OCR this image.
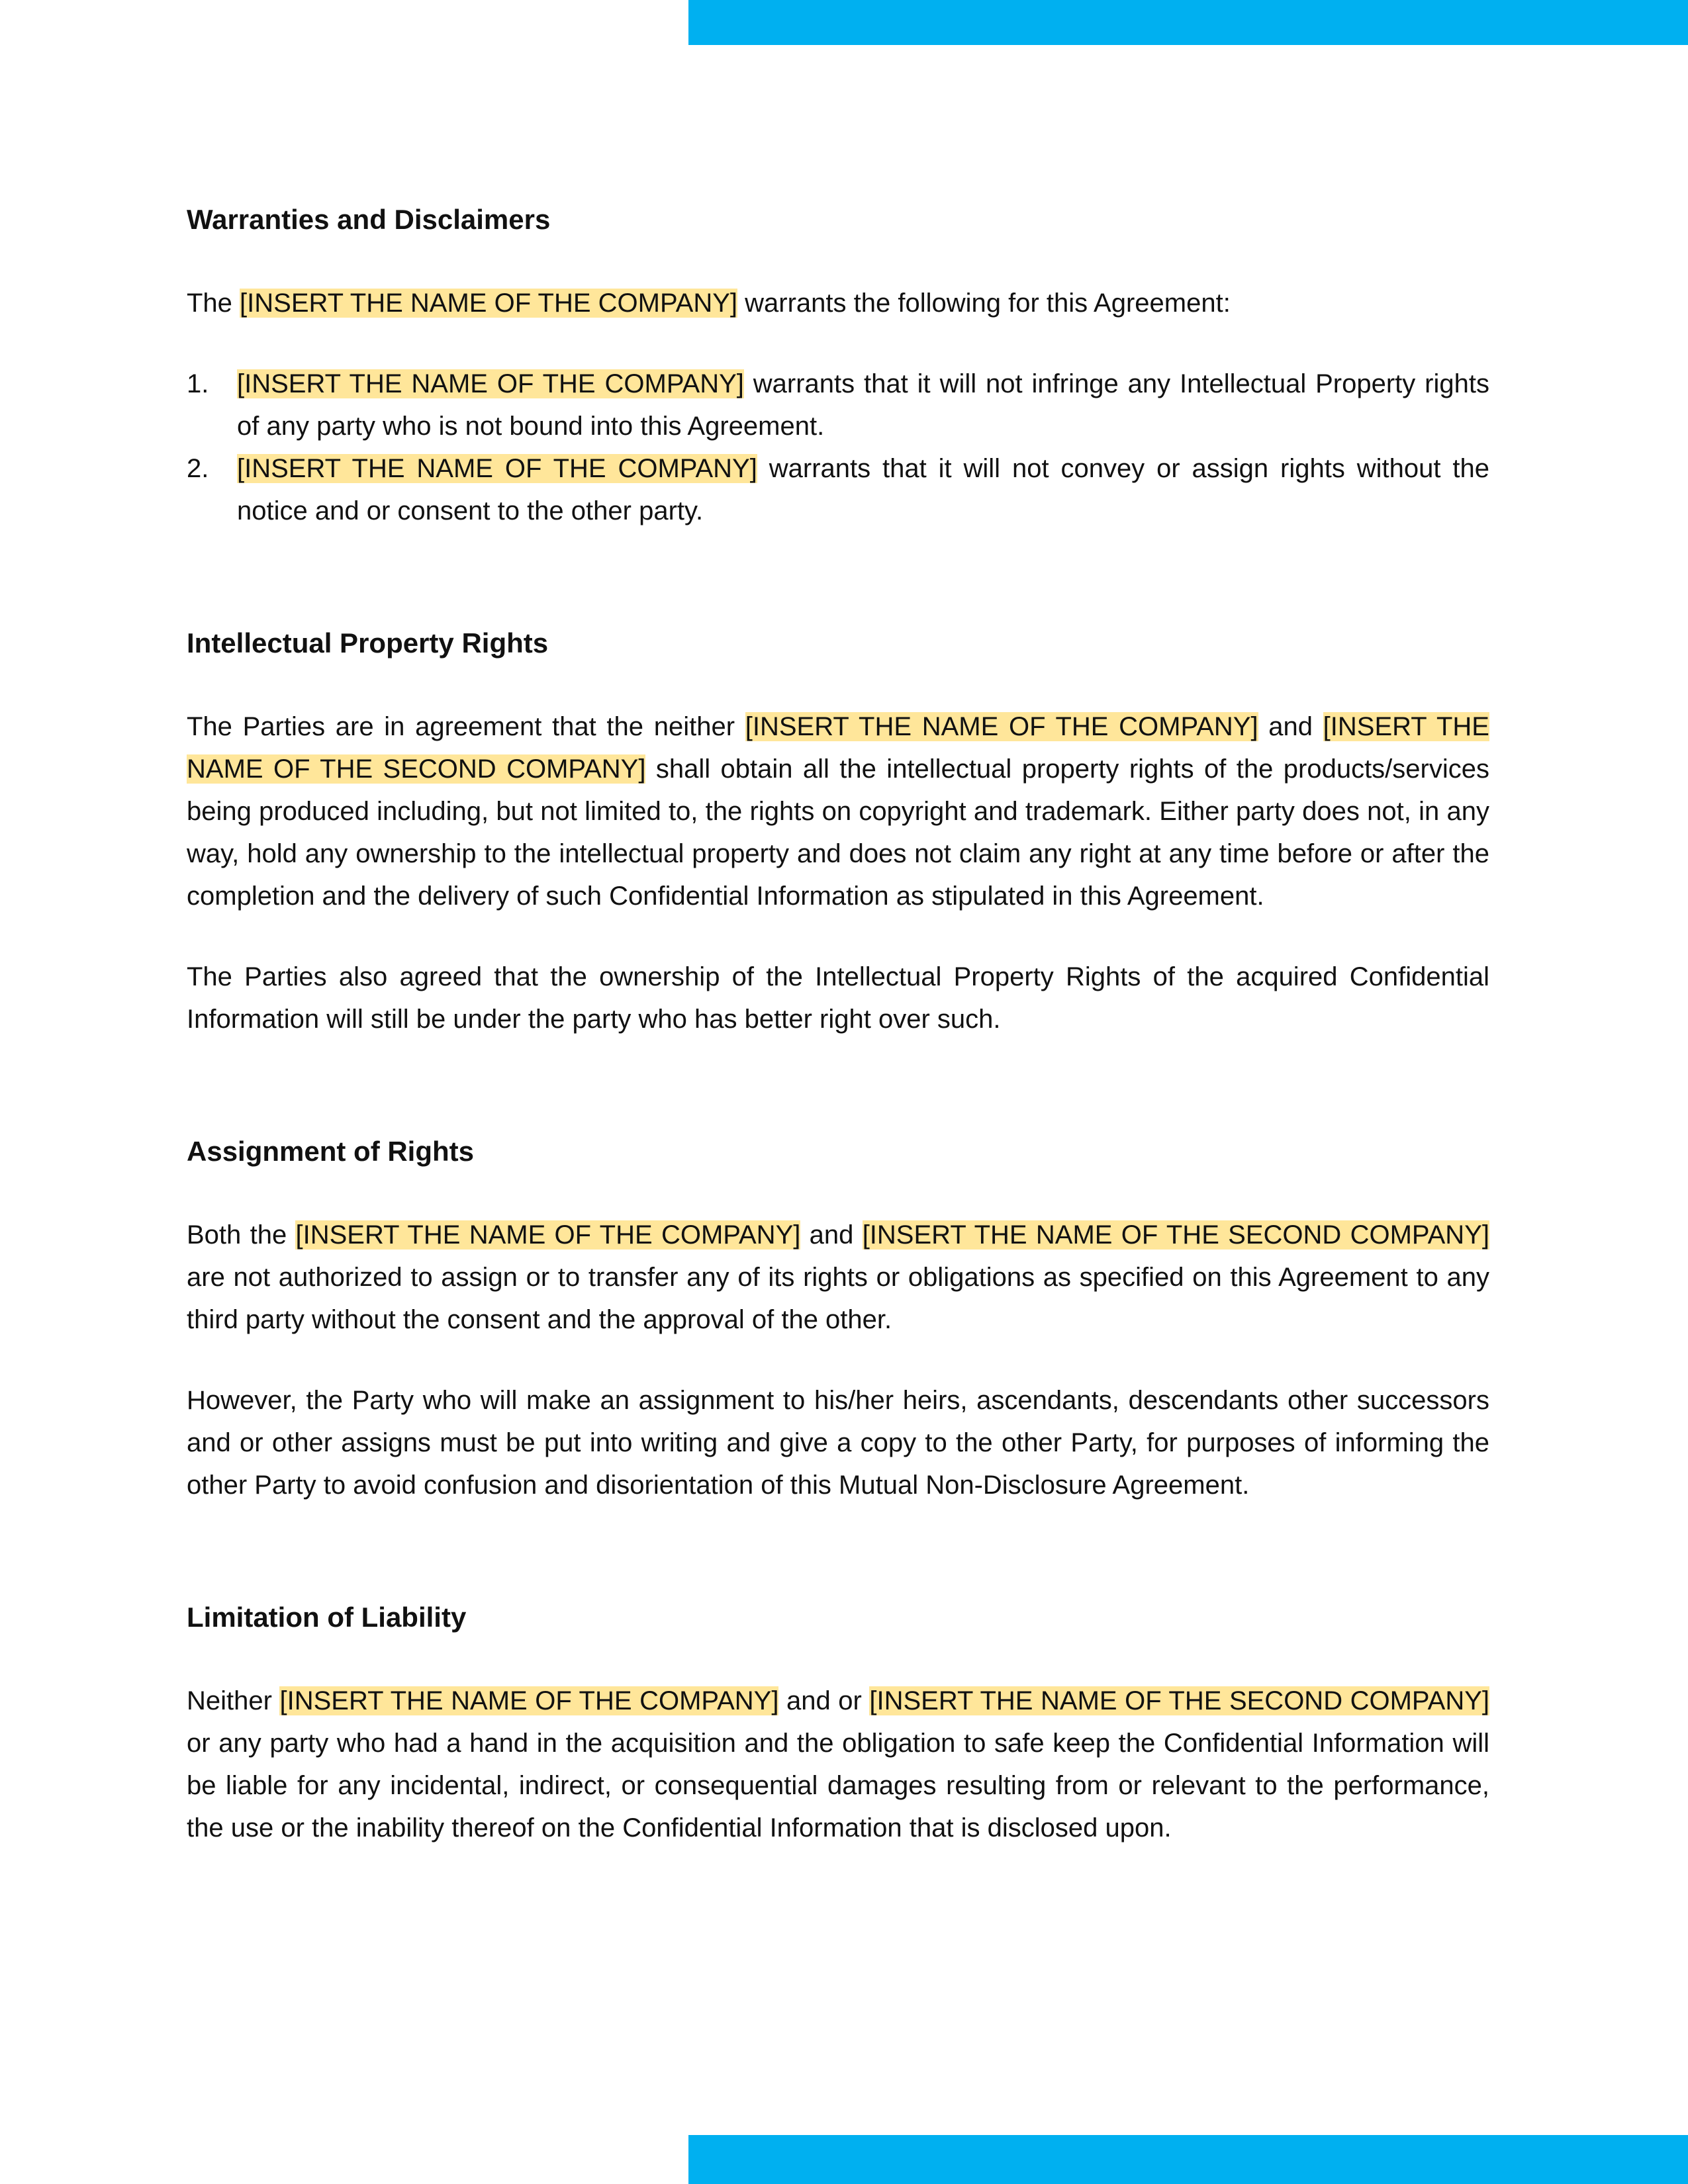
Warranties and Disclaimers

The [INSERT THE NAME OF THE COMPANY] warrants the following for this Agreement:

1. [INSERT THE NAME OF THE COMPANY] warrants that it will not infringe any Intellectual Property rights of any party who is not bound into this Agreement.
2. [INSERT THE NAME OF THE COMPANY] warrants that it will not convey or assign rights without the notice and or consent to the other party.
Intellectual Property Rights

The Parties are in agreement that the neither [INSERT THE NAME OF THE COMPANY] and [INSERT THE NAME OF THE SECOND COMPANY] shall obtain all the intellectual property rights of the products/services being produced including, but not limited to, the rights on copyright and trademark. Either party does not, in any way, hold any ownership to the intellectual property and does not claim any right at any time before or after the completion and the delivery of such Confidential Information as stipulated in this Agreement.

The Parties also agreed that the ownership of the Intellectual Property Rights of the acquired Confidential Information will still be under the party who has better right over such.

Assignment of Rights

Both the [INSERT THE NAME OF THE COMPANY] and [INSERT THE NAME OF THE SECOND COMPANY] are not authorized to assign or to transfer any of its rights or obligations as specified on this Agreement to any third party without the consent and the approval of the other.

However, the Party who will make an assignment to his/her heirs, ascendants, descendants other successors and or other assigns must be put into writing and give a copy to the other Party, for purposes of informing the other Party to avoid confusion and disorientation of this Mutual Non-Disclosure Agreement.

Limitation of Liability

Neither [INSERT THE NAME OF THE COMPANY] and or [INSERT THE NAME OF THE SECOND COMPANY] or any party who had a hand in the acquisition and the obligation to safe keep the Confidential Information will be liable for any incidental, indirect, or consequential damages resulting from or relevant to the performance, the use or the inability thereof on the Confidential Information that is disclosed upon.
